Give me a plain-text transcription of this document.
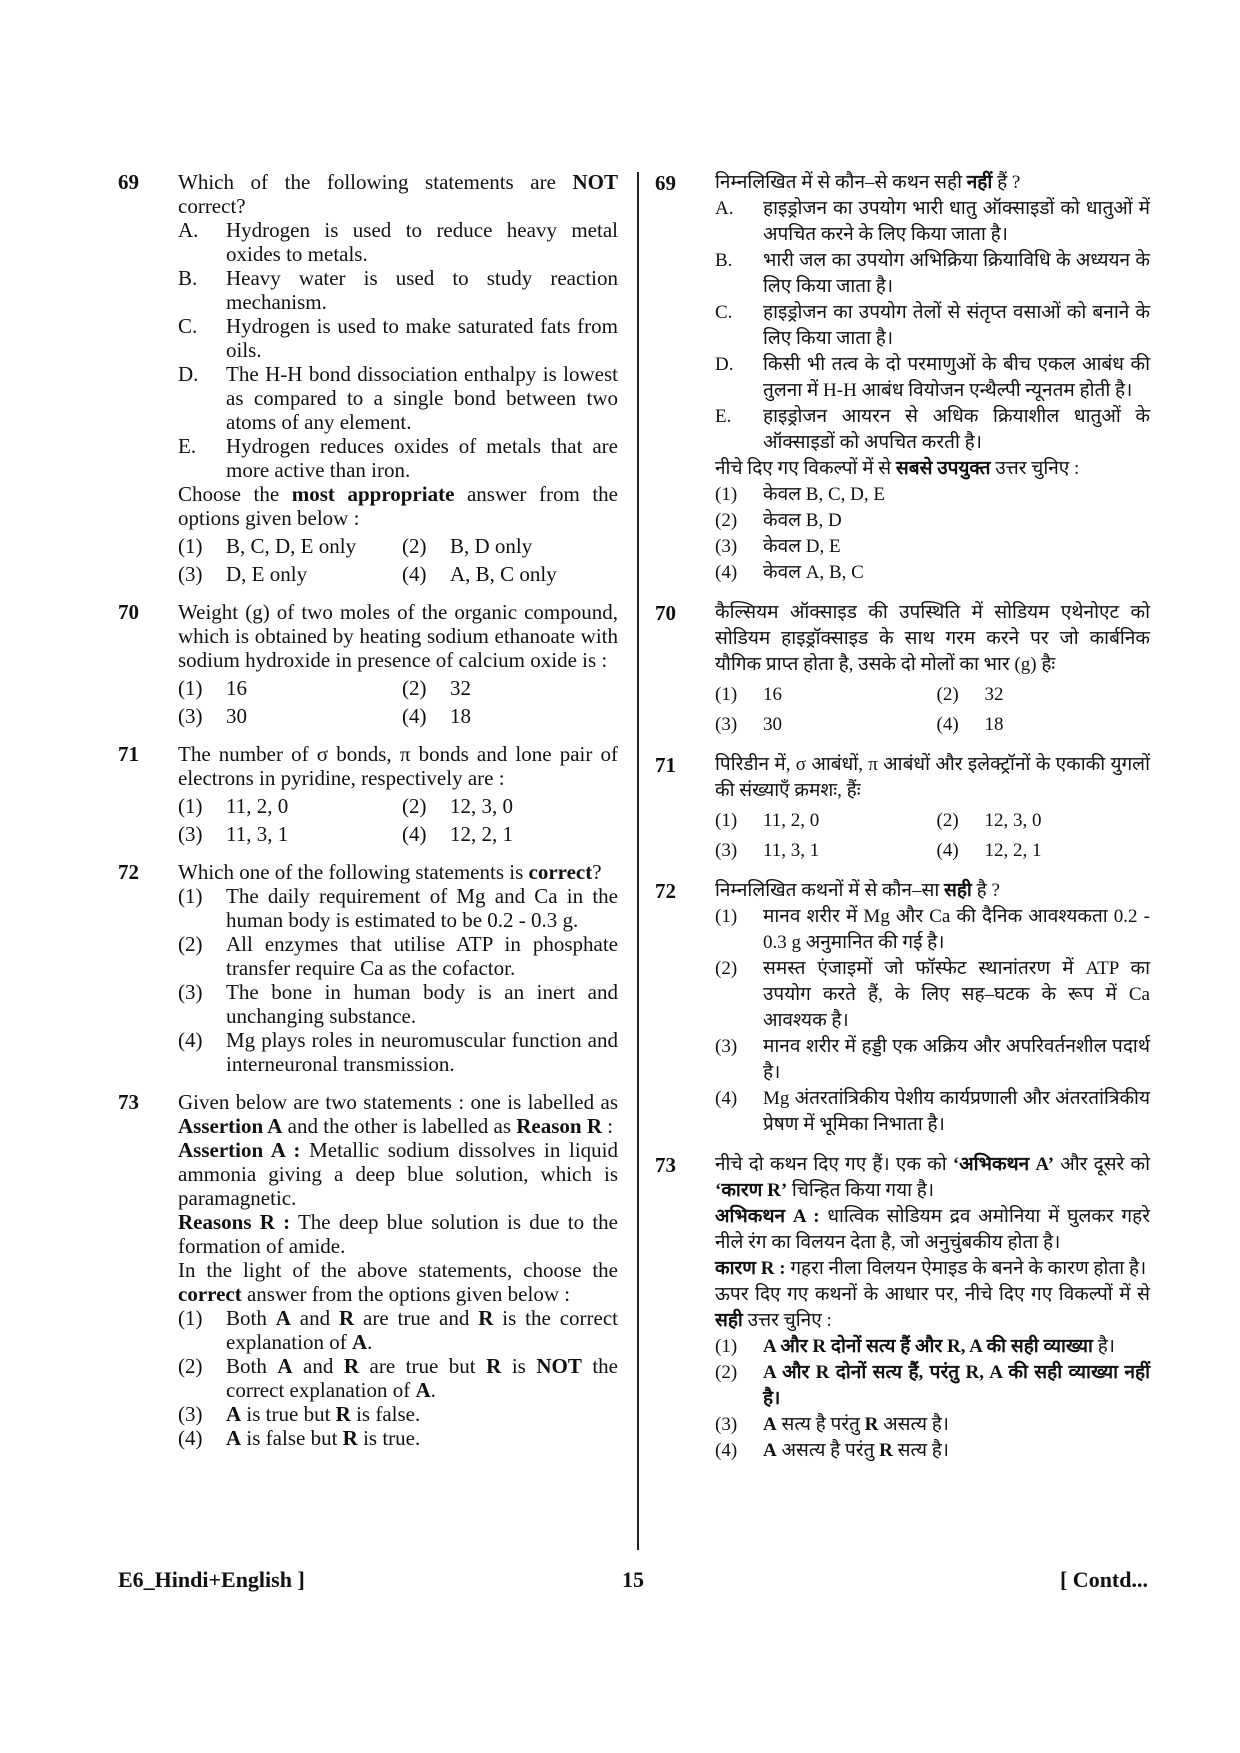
69 Which of the following statements are NOT correct?
A. Hydrogen is used to reduce heavy metal oxides to metals.
B. Heavy water is used to study reaction mechanism.
C. Hydrogen is used to make saturated fats from oils.
D. The H-H bond dissociation enthalpy is lowest as compared to a single bond between two atoms of any element.
E. Hydrogen reduces oxides of metals that are more active than iron.
Choose the most appropriate answer from the options given below :
(1) B, C, D, E only	(2) B, D only
(3) D, E only	(4) A, B, C only
70 Weight (g) of two moles of the organic compound, which is obtained by heating sodium ethanoate with sodium hydroxide in presence of calcium oxide is :
(1) 16	(2) 32
(3) 30	(4) 18
71 The number of σ bonds, π bonds and lone pair of electrons in pyridine, respectively are :
(1) 11, 2, 0	(2) 12, 3, 0
(3) 11, 3, 1	(4) 12, 2, 1
72 Which one of the following statements is correct?
(1) The daily requirement of Mg and Ca in the human body is estimated to be 0.2 - 0.3 g.
(2) All enzymes that utilise ATP in phosphate transfer require Ca as the cofactor.
(3) The bone in human body is an inert and unchanging substance.
(4) Mg plays roles in neuromuscular function and interneuronal transmission.
73 Given below are two statements : one is labelled as Assertion A and the other is labelled as Reason R :
Assertion A : Metallic sodium dissolves in liquid ammonia giving a deep blue solution, which is paramagnetic.
Reasons R : The deep blue solution is due to the formation of amide.
In the light of the above statements, choose the correct answer from the options given below :
(1) Both A and R are true and R is the correct explanation of A.
(2) Both A and R are true but R is NOT the correct explanation of A.
(3) A is true but R is false.
(4) A is false but R is true.
69 निम्नलिखित में से कौन–से कथन सही नहीं हैं ?
A. हाइड्रोजन का उपयोग भारी धातु ऑक्साइडों को धातुओं में अपचित करने के लिए किया जाता है।
B. भारी जल का उपयोग अभिक्रिया क्रियाविधि के अध्ययन के लिए किया जाता है।
C. हाइड्रोजन का उपयोग तेलों से संतृप्त वसाओं को बनाने के लिए किया जाता है।
D. किसी भी तत्व के दो परमाणुओं के बीच एकल आबंध की तुलना में H-H आबंध वियोजन एन्थैल्पी न्यूनतम होती है।
E. हाइड्रोजन आयरन से अधिक क्रियाशील धातुओं के ऑक्साइडों को अपचित करती है।
नीचे दिए गए विकल्पों में से सबसे उपयुक्त उत्तर चुनिए :
(1) केवल B, C, D, E
(2) केवल B, D
(3) केवल D, E
(4) केवल A, B, C
70 कैल्सियम ऑक्साइड की उपस्थिति में सोडियम एथेनोएट को सोडियम हाइड्रॉक्साइड के साथ गरम करने पर जो कार्बनिक यौगिक प्राप्त होता है, उसके दो मोलों का भार (g) हैः
(1) 16	(2) 32
(3) 30	(4) 18
71 पिरिडीन में, σ आबंधों, π आबंधों और इलेक्ट्रॉनों के एकाकी युगलों की संख्याएँ क्रमशः, हैंः
(1) 11, 2, 0	(2) 12, 3, 0
(3) 11, 3, 1	(4) 12, 2, 1
72 निम्नलिखित कथनों में से कौन–सा सही है ?
(1) मानव शरीर में Mg और Ca की दैनिक आवश्यकता 0.2 - 0.3 g अनुमानित की गई है।
(2) समस्त एंजाइमों जो फॉस्फेट स्थानांतरण में ATP का उपयोग करते हैं, के लिए सह–घटक के रूप में Ca आवश्यक है।
(3) मानव शरीर में हड्डी एक अक्रिय और अपरिवर्तनशील पदार्थ है।
(4) Mg अंतरतांत्रिकीय पेशीय कार्यप्रणाली और अंतरतांत्रिकीय प्रेषण में भूमिका निभाता है।
73 नीचे दो कथन दिए गए हैं। एक को ‘अभिकथन A’ और दूसरे को ‘कारण R’ चिन्हित किया गया है।
अभिकथन A : धात्विक सोडियम द्रव अमोनिया में घुलकर गहरे नीले रंग का विलयन देता है, जो अनुचुंबकीय होता है।
कारण R : गहरा नीला विलयन ऐमाइड के बनने के कारण होता है।
ऊपर दिए गए कथनों के आधार पर, नीचे दिए गए विकल्पों में से सही उत्तर चुनिए :
(1) A और R दोनों सत्य हैं और R, A की सही व्याख्या है।
(2) A और R दोनों सत्य हैं, परंतु R, A की सही व्याख्या नहीं है।
(3) A सत्य है परंतु R असत्य है।
(4) A असत्य है परंतु R सत्य है।
E6_Hindi+English ]	15	[ Contd...
